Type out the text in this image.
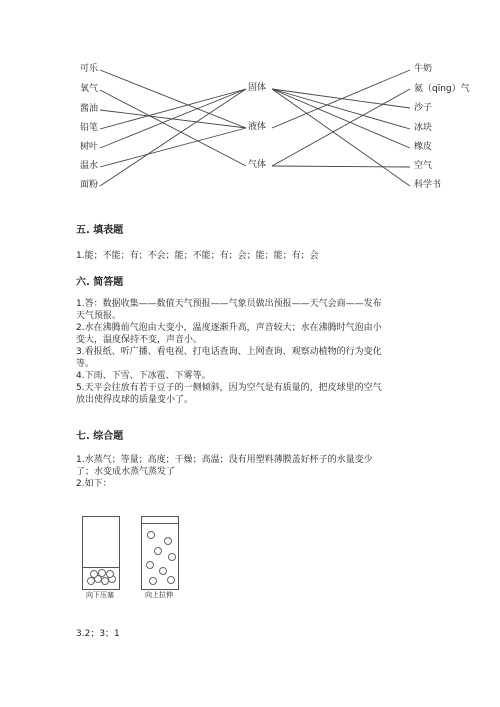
可乐
氧气
酱油
铅笔
树叶
温水
面粉
固体
液体
气体
牛奶
氦（qīng）气
沙子
冰块
橡皮
空气
科学书
五. 填表题
1.能；不能；有；不会；能；不能；有；会；能；能；有；会
六. 简答题
1.答：数据收集——数值天气预报——气象员做出预报——天气会商——发布
天气预报。
2.水在沸腾前气泡由大变小，温度逐渐升高，声音较大；水在沸腾时气泡由小
变大，温度保持不变，声音小。
3.看报纸、听广播、看电视、打电话查询、上网查询、观察动植物的行为变化
等。
4.下雨、下雪、下冰雹、下雾等。
5.天平会往放有若干豆子的一侧倾斜，因为空气是有质量的，把皮球里的空气
放出使得皮球的质量变小了。
七. 综合题
1.水蒸气；等量；高度；干燥；高温；没有用塑料薄膜盖好杯子的水量变少
了；水变成水蒸气蒸发了
2.如下：
向下压塞	向上拉伸
3.2；3；1
